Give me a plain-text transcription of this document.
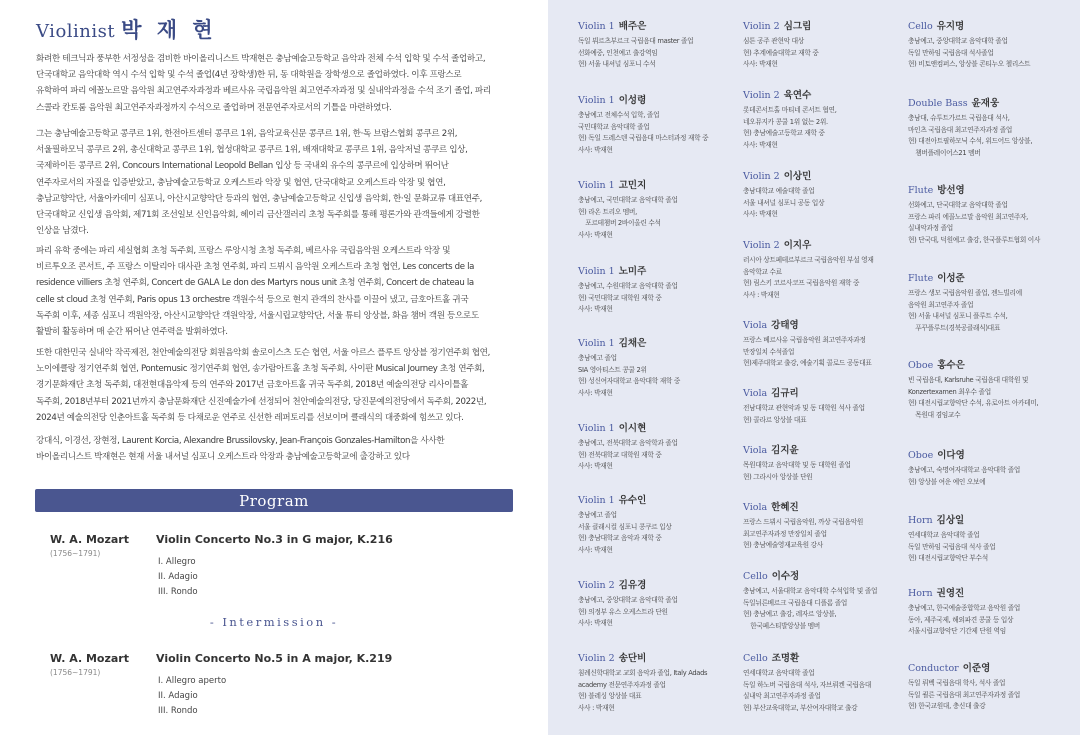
Violinist 박 재 현
화려한 테크닉과 풍부한 서정성을 겸비한 바이올리니스트 박재현은 충남예술고등학교 음악과 전체 수석 입학 및 수석 졸업하고,
단국대학교 음악대학 역시 수석 입학 및 수석 졸업(4년 장학생)한 뒤, 동 대학원을 장학생으로 졸업하였다. 이후 프랑스로
유학하여 파리 에꼴노르말 음악원 최고연주자과정과 베르사유 국립음악원 최고연주자과정 및 실내악과정을 수석 조기 졸업, 파리
스콜라 칸토룸 음악원 최고연주자과정까지 수석으로 졸업하며 전문연주자로서의 기틀을 마련하였다.
그는 충남예술고등학교 콩쿠르 1위, 한전아트센터 콩쿠르 1위, 음악교육신문 콩쿠르 1위, 한·독 브람스협회 콩쿠르 2위,
서울필하모닉 콩쿠르 2위, 총신대학교 콩쿠르 1위, 협성대학교 콩쿠르 1위, 배재대학교 콩쿠르 1위, 음악저널 콩쿠르 입상,
국제하이든 콩쿠르 2위, Concours International Leopold Bellan 입상 등 국내외 유수의 콩쿠르에 입상하며 뛰어난
연주자로서의 자질을 입증받았고, 충남예술고등학교 오케스트라 악장 및 협연, 단국대학교 오케스트라 악장 및 협연,
충남교향악단, 서울아카데미 심포니, 아산시교향악단 등과의 협연, 충남예술고등학교 신입생 음악회, 한·일 문화교류 대표연주,
단국대학교 신입생 음악회, 제71회 조선일보 신인음악회, 헤이리 금산갤러리 초청 독주회를 통해 평론가와 관객들에게 강렬한
인상을 남겼다.
파리 유학 중에는 파리 세실협회 초청 독주회, 프랑스 루앙시청 초청 독주회, 베르사유 국립음악원 오케스트라 악장 및
비르투오조 콘서트, 주 프랑스 이탈리아 대사관 초청 연주회, 파리 드뷔시 음악원 오케스트라 초청 협연, Les concerts de la
residence villiers 초청 연주회, Concert de GALA Le don des Martyrs nous unit 초청 연주회, Concert de chateau la
celle st cloud 초청 연주회, Paris opus 13 orchestre 객원수석 등으로 현지 관객의 찬사를 이끌어 냈고, 금호아트홀 귀국
독주회 이후, 세종 심포니 객원악장, 아산시교향악단 객원악장, 서울시립교향악단, 서울 튜티 앙상블, 화음 챔버 객원 등으로도
활발히 활동하며 매 순간 뛰어난 연주력을 발휘하였다.
또한 대한민국 실내악 작곡제전, 천안예술의전당 회원음악회 솔로이스츠 도슨 협연, 서울 아르스 플루트 앙상블 정기연주회 협연,
노이에클랑 정기연주회 협연, Pontemusic 정기연주회 협연, 송가람아트홀 초청 독주회, 사이판 Musical Journey 초청 연주회,
경기문화재단 초청 독주회, 대전현대음악제 등의 연주와 2017년 금호아트홀 귀국 독주회, 2018년 예술의전당 리사이틀홀
독주회, 2018년부터 2021년까지 충남문화재단 신진예술가에 선정되어 천안예술의전당, 당진문예의전당에서 독주회, 2022년,
2024년 예술의전당 인춘아트홀 독주회 등 다채로운 연주로 신선한 레퍼토리를 선보이며 클래식의 대중화에 힘쓰고 있다.
강대식, 이경선, 장현정, Laurent Korcia, Alexandre Brussilovsky, Jean-François Gonzales-Hamilton을 사사한
바이올리니스트 박재현은 현재 서울 내셔널 심포니 오케스트라 악장과 충남예술고등학교에 출강하고 있다
Program
W. A. Mozart
(1756~1791)
Violin Concerto No.3 in G major, K.216
I. Allegro
II. Adagio
III. Rondo
- Intermission -
W. A. Mozart
(1756~1791)
Violin Concerto No.5 in A major, K.219
I. Allegro aperto
II. Adagio
III. Rondo
Violin 1 배주은
독일 뷔르츠부르크 국립음대 master 졸업
선화예중, 인천예고 출강역임
현) 서울 내셔널 심포니 수석
Violin 1 이성령
충남예고 전체수석 입학, 졸업
국민대학교 음악대학 졸업
현) 독일 드레스덴 국립음대 마스터과정 재학 중
사사: 박재현
Violin 1 고민지
충남예고, 국민대학교 음악대학 졸업
현) 라온 트리오 멤버,
포르테챔버 2바이올린 수석
사사: 박재현
Violin 1 노미주
충남예고, 수원대학교 음악대학 졸업
현) 국민대학교 대학원 재학 중
사사: 박재현
Violin 1 김채은
충남예고 졸업
SIA 영아티스트 콩쿨 2위
현) 성신여자대학교 음악대학 재학 중
사사: 박재현
Violin 1 이시현
충남예고, 전북대학교 음악학과 졸업
현) 전북대학교 대학원 재학 중
사사: 박재현
Violin 1 유수인
충남예고 졸업
서울 클래시컬 심포니 콩쿠르 입상
현) 충남대학교 음악과 재학 중
사사: 박재현
Violin 2 김유경
충남예고, 중앙대학교 음악대학 졸업
현) 의정부 유스 오케스트라 단원
사사: 박재현
Violin 2 송단비
침례신학대학교 교회 음악과 졸업, Italy Adads
academy 전문연주자과정 졸업
현) 블레싱 앙상블 대표
사사 : 박재현
Violin 2 심그림
심튼 공주 관현악 대상
현) 추계예술대학교 재학 중
사사: 박재현
Violin 2 육연수
롯데콘서트홀 마티네 콘서트 협연,
네오뮤지카 콩쿨 1위 없는 2위.
현) 충남예술고등학교 재학 중
사사: 박재현
Violin 2 이상민
충남대학교 예술대학 졸업
서울 내셔널 심포니 공동 입상
사사: 박재현
Violin 2 이지우
러시아 상트페테르부르크 국립음악원 부설 영재
음악학교 수료
현) 림스키 코르사코프 국립음악원 재학 중
사사 : 박재현
Viola 강태영
프랑스 베르사유 국립음악원 최고연주자과정
만장일치 수석졸업
현)제주대학교 출강, 예술기획 콜로드 공동대표
Viola 김규리
전남대학교 관현악과 및 동 대학원 석사 졸업
현) 콜라르 앙상블 대표
Viola 김지윤
목원대학교 음악대학 및 동 대학원 졸업
현) 그라시아 앙상블 단원
Viola 한혜진
프랑스 드뷔시 국립음악원, 까상 국립음악원
최고연주자과정 만장일치 졸업
현) 충남예술영재교육원 강사
Cello 이수정
충남예고, 서울대학교 음악대학 수석입학 및 졸업
독일뉘른베르크 국립음대 디플롬 졸업
현) 충남예고 출강, 레자르 앙상블,
한국페스티발앙상블 멤버
Cello 조명환
연세대학교 음악대학 졸업
독일 하노버 국립음대 석사, 자브뤼켄 국립음대
실내악 최고연주자과정 졸업
현) 부산교육대학교, 부산여자대학교 출강
Cello 유지명
충남예고, 중앙대학교 음악대학 졸업
독일 만하임 국립음대 석사졸업
현) 비토앤컴퍼스, 앙상블 콘티누오 첼리스트
Double Bass 윤재웅
충남대, 슈투트가르트 국립음대 석사,
마인츠 국립음대 최고연주자과정 졸업
현) 대전아트필하모닉 수석, 위드어드 앙상블,
챔버플레이어스21 멤버
Flute 방선영
선화예고, 단국대학교 음악대학 졸업
프랑스 파리 에꼴노르말 음악원 최고연주자,
실내악과정 졸업
현) 단국대, 덕원예고 출강, 한국플루트협회 이사
Flute 이성준
프랑스 생모 국립음악원 졸업, 젠느빌리에
음악원 최고연주자 졸업
현) 서울 내셔널 심포니 플루트 수석,
푸꾸플루트(경북공클래식)대표
Oboe 홍수은
빈 국립음대, Karlsruhe 국립음대 대학원 및
Konzertexamen 최우수 졸업
현) 대전시립교향악단 수석, 유로아트 아카데미,
목원대 겸임교수
Oboe 이다영
충남예고, 숙명여자대학교 음악대학 졸업
현) 앙상블 여운 예인 오보에
Horn 김상일
연세대학교 음악대학 졸업
독일 만하임 국립음대 석사 졸업
현) 대전시립교향악단 부수석
Horn 권영진
충남예고, 한국예술종합학교 음악원 졸업
동아, 제주국제, 해외파견 콩쿨 등 입상
서울시립교향악단 기간제 단원 역임
Conductor 이준영
독일 뤼벡 국립음대 학사, 석사 졸업
독일 쾰른 국립음대 최고연주자과정 졸업
현) 한국교원대, 충신대 출강
